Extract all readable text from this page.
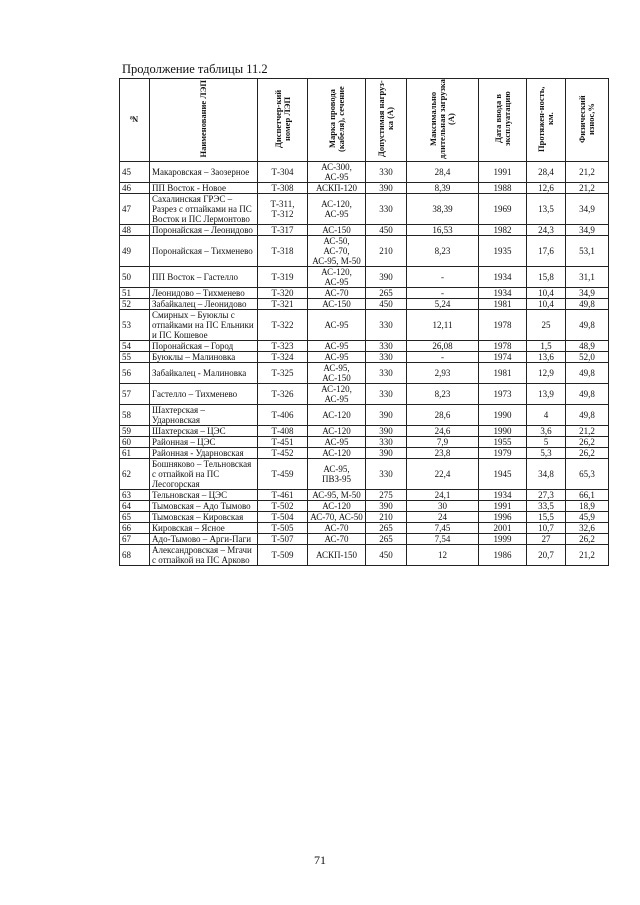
Продолжение таблицы 11.2
№	Наименование ЛЭП	Диспетчер-кий номер ЛЭП	Марка провода (кабеля), сечение	Допустимая нагруз-ка (А)	Максимально длительная загрузка (А)	Дата ввода в эксплуатацию	Протяжен-ность, км.	Физический износ,%
45	Макаровская – Заозерное	Т-304	АС-300, АС-95	330	28,4	1991	28,4	21,2
46	ПП Восток - Новое	Т-308	АСКП-120	390	8,39	1988	12,6	21,2
47	Сахалинская ГРЭС – Разрез с отпайками на ПС Восток и ПС Лермонтово	Т-311, Т-312	АС-120, АС-95	330	38,39	1969	13,5	34,9
48	Поронайская – Леонидово	Т-317	АС-150	450	16,53	1982	24,3	34,9
49	Поронайская – Тихменево	Т-318	АС-50, АС-70, АС-95, М-50	210	8,23	1935	17,6	53,1
50	ПП Восток – Гастелло	Т-319	АС-120, АС-95	390	-	1934	15,8	31,1
51	Леонидово – Тихменево	Т-320	АС-70	265	-	1934	10,4	34,9
52	Забайкалец – Леонидово	Т-321	АС-150	450	5,24	1981	10,4	49,8
53	Смирных – Буюклы с отпайками на ПС Ельники и ПС Кошевое	Т-322	АС-95	330	12,11	1978	25	49,8
54	Поронайская – Город	Т-323	АС-95	330	26,08	1978	1,5	48,9
55	Буюклы – Малиновка	Т-324	АС-95	330	-	1974	13,6	52,0
56	Забайкалец - Малиновка	Т-325	АС-95, АС-150	330	2,93	1981	12,9	49,8
57	Гастелло – Тихменево	Т-326	АС-120, АС-95	330	8,23	1973	13,9	49,8
58	Шахтерская – Ударновская	Т-406	АС-120	390	28,6	1990	4	49,8
59	Шахтерская – ЦЭС	Т-408	АС-120	390	24,6	1990	3,6	21,2
60	Районная – ЦЭС	Т-451	АС-95	330	7,9	1955	5	26,2
61	Районная - Ударновская	Т-452	АС-120	390	23,8	1979	5,3	26,2
62	Бошняково – Тельновская с отпайкой на ПС Лесогорская	Т-459	АС-95, ПВЗ-95	330	22,4	1945	34,8	65,3
63	Тельновская – ЦЭС	Т-461	АС-95, М-50	275	24,1	1934	27,3	66,1
64	Тымовская – Адо Тымово	Т-502	АС-120	390	30	1991	33,5	18,9
65	Тымовская – Кировская	Т-504	АС-70, АС-50	210	24	1996	15,5	45,9
66	Кировская – Ясное	Т-505	АС-70	265	7,45	2001	10,7	32,6
67	Адо-Тымово – Арги-Паги	Т-507	АС-70	265	7,54	1999	27	26,2
68	Александровская – Мгачи с отпайкой на ПС Арково	Т-509	АСКП-150	450	12	1986	20,7	21,2
71
